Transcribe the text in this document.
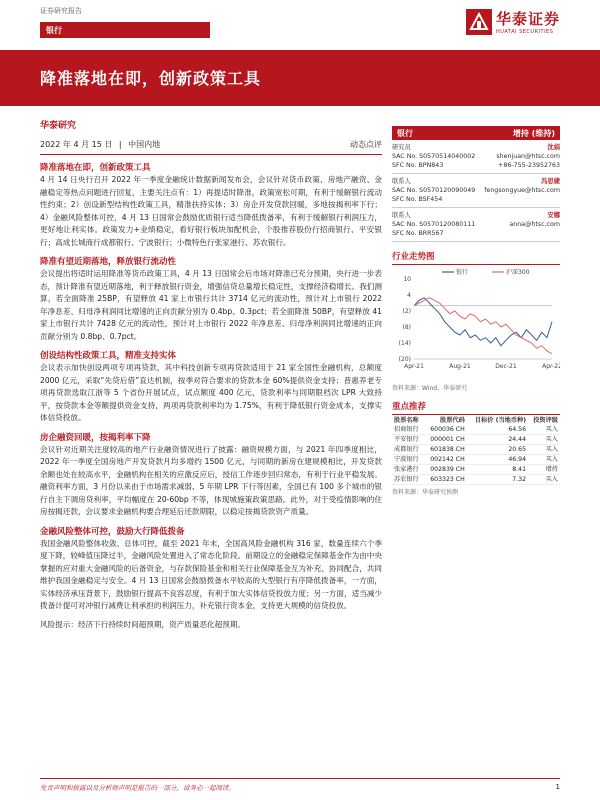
证券研究报告
银行
华泰证券
HUATAI SECURITIES
降准落地在即，创新政策工具
华泰研究
2022 年 4 月 15 日 | 中国内地	动态点评
降准落地在即，创新政策工具
4 月 14 日央行召开 2022 年一季度金融统计数据新闻发布会，会议针对货币政策、房地产融资、金融稳定等热点问题进行回复，主要关注点有：1）再提适时降准，政策宽松可期，有利于缓解银行流动性约束；2）创设新型结构性政策工具，精准扶持实体；3）房企开发贷款回暖，多地按揭利率下行；4）金融风险整体可控，4 月 13 日国常会鼓励优质银行适当降低拨备率，有利于缓解银行利润压力，更好地让利实体。政策发力+业绩稳定，看好银行板块加配机会，个股推荐股份行招商银行、平安银行；高成长城商行成都银行、宁波银行；小微特色行张家港行、苏农银行。
降准有望近期落地，释放银行流动性
会议提出将适时运用降准等货币政策工具，4 月 13 日国常会后市场对降准已充分预期，央行进一步表态，预计降准有望近期落地，利于释放银行资金，增强信贷总量增长稳定性，支撑经济稳增长。我们测算，若全面降准 25BP，有望释放 41 家上市银行共计 3714 亿元的流动性，预计对上市银行 2022 年净息差、归母净利润同比增速的正向贡献分别为 0.4bp、0.3pct；若全面降准 50BP，有望释放 41 家上市银行共计 7428 亿元的流动性，预计对上市银行 2022 年净息差、归母净利润同比增速的正向贡献分别为 0.8bp、0.7pct。
创设结构性政策工具，精准支持实体
会议表示加快创设两项专项再贷款，其中科技创新专项再贷款适用于 21 家全国性金融机构，总额度 2000 亿元，采取“先贷后借”直达机制，按季对符合要求的贷款本金 60%提供资金支持；普惠养老专项再贷款选取江浙等 5 个省份开展试点，试点额度 400 亿元，贷款利率与同期限档次 LPR 大致持平，按贷款本金等额提供资金支持，两项再贷款利率均为 1.75%，有利于降低银行资金成本，支撑实体信贷投放。
房企融资回暖，按揭利率下降
会议针对近期关注度较高的地产行业融资情况进行了披露：融资规模方面，与 2021 年四季度相比，2022 年一季度全国房地产开发贷款月均多增约 1500 亿元，与同期的新房在建规模相比，开发贷款余额也处在较高水平，金融机构在相关的应激反应后，授信工作逐步回归常态，有利于行业平稳发展。融资利率方面，3 月份以来由于市场需求减弱、5 年期 LPR 下行等因素，全国已有 100 多个城市的银行自主下调房贷利率，平均幅度在 20-60bp 不等，体现城施策政策思路。此外，对于受疫情影响的住房按揭还款，会议要求金融机构要合理延后还款期限，以稳定按揭贷款资产质量。
金融风险整体可控，鼓励大行降低拨备
我国金融风险整体收敛、总体可控，截至 2021 年末，全国高风险金融机构 316 家，数量连续六个季度下降，较峰值压降过半，金融风险处置进入了常态化阶段。前期设立的金融稳定保障基金作为由中央掌握的应对重大金融风险的后备资金，与存款保险基金和相关行业保障基金互为补充、协同配合，共同维护我国金融稳定与安全。4 月 13 日国常会鼓励拨备水平较高的大型银行有序降低拨备率，一方面，实体经济承压背景下，鼓励银行提高不良容忍度，有利于加大实体信贷投放力度；另一方面，适当减少拨备计提可对冲银行减费让利承担的利润压力，补充银行资本金，支持更大规模的信贷投放。
风险提示：经济下行持续时间超预期，资产质量恶化超预期。
银行	增持 (维持)
研究员	沈娟
SAC No. S0570514040002	shenjuan@htsc.com
SFC No. BPN843	+86-755-23952763
联系人	冯思婕
SAC No. S0570120090049 fengsongyue@htsc.com
SFC No. BSF454
联系人	安娜
SAC No. S0570120080111	anna@htsc.com
SFC No. BRR567
行业走势图
10
4
(2)
(8)
(14)
(20)
Apr-21	Aug-21	Dec-21	Apr-22
银行	沪深300
资料来源：Wind，华泰研究
重点推荐
股票名称	股票代码	目标价 (当地币种)	投资评级
招商银行	600036 CH	64.56	买入
平安银行	000001 CH	24.44	买入
成都银行	601838 CH	20.65	买入
宁波银行	002142 CH	46.94	买入
张家港行	002839 CH	8.41	增持
苏农银行	603323 CH	7.32	买入
资料来源：华泰研究预测
免责声明和披露以及分析师声明是报告的一部分，请务必一起阅读。	1
